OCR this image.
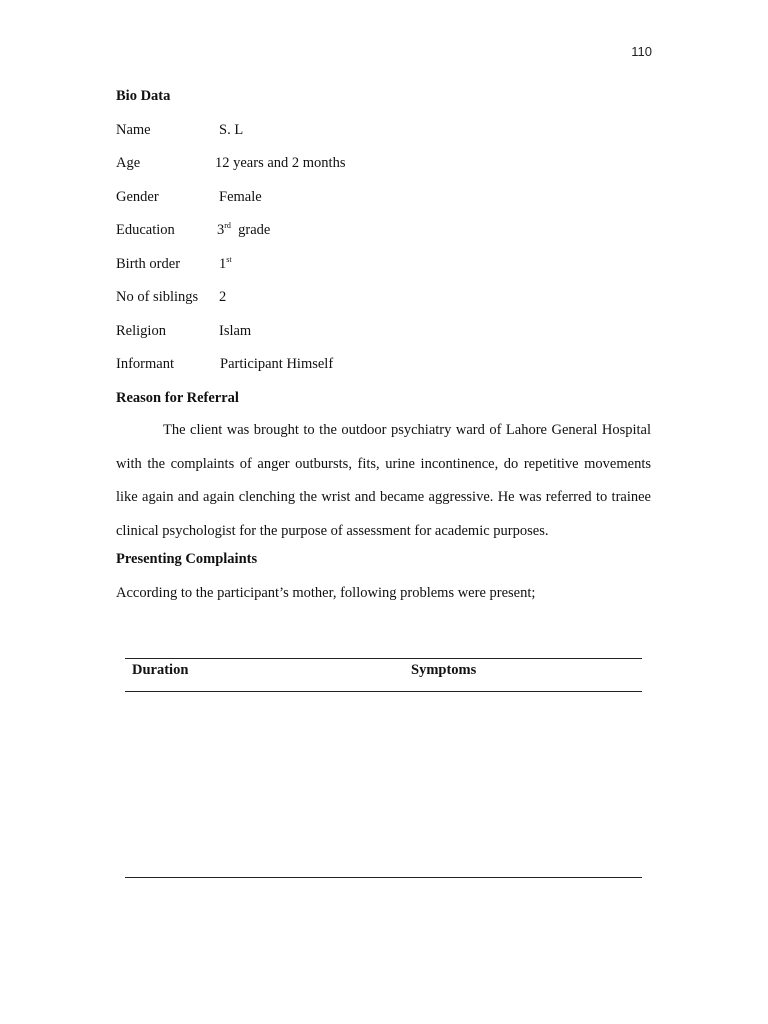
110
Bio Data
Name	S. L
Age	12 years and 2 months
Gender	Female
Education	3rd  grade
Birth order	1st
No of siblings 2
Religion	Islam
Informant	Participant Himself
Reason for Referral

The client was brought to the outdoor psychiatry ward of Lahore General Hospital with the complaints of anger outbursts, fits, urine incontinence, do repetitive movements like again and again clenching the wrist and became aggressive. He was referred to trainee clinical psychologist for the purpose of assessment for academic purposes.

Presenting Complaints
According to the participant’s mother, following problems were present;
Duration	Symptoms
